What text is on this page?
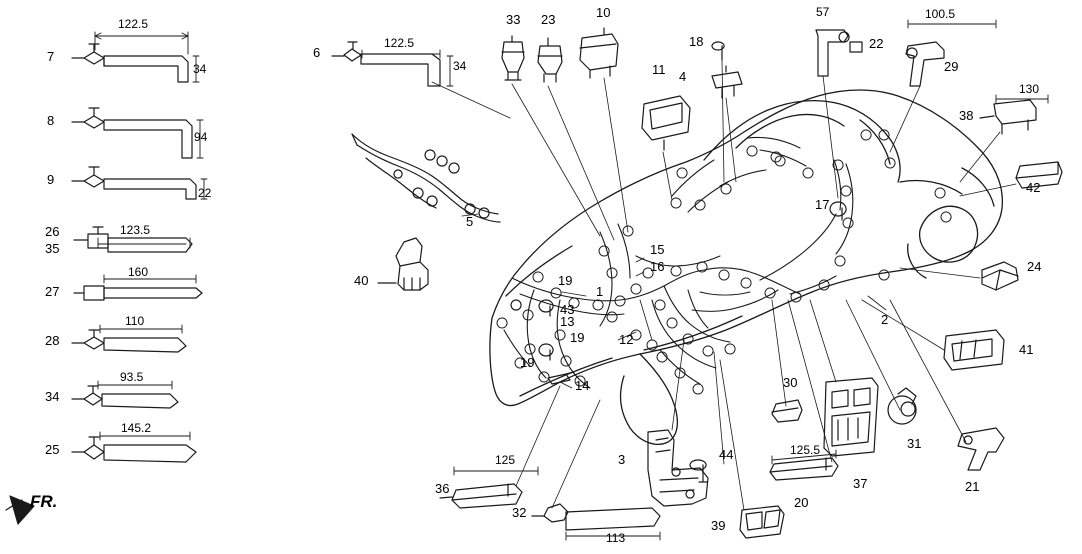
FR.
7
8
9
26
35
27
28
34
25
6
33 23	10
18
4
11
22
29
38
42
24
41
21
31
37
20
30
17
2
44
39
3
32
36
40
5
1
12
14
13
43
15
16
19
19
19
122.5
34
94
22
123.5
160
110
93.5
145.2
122.5
34
57	100.5
130
125
113
125.5
